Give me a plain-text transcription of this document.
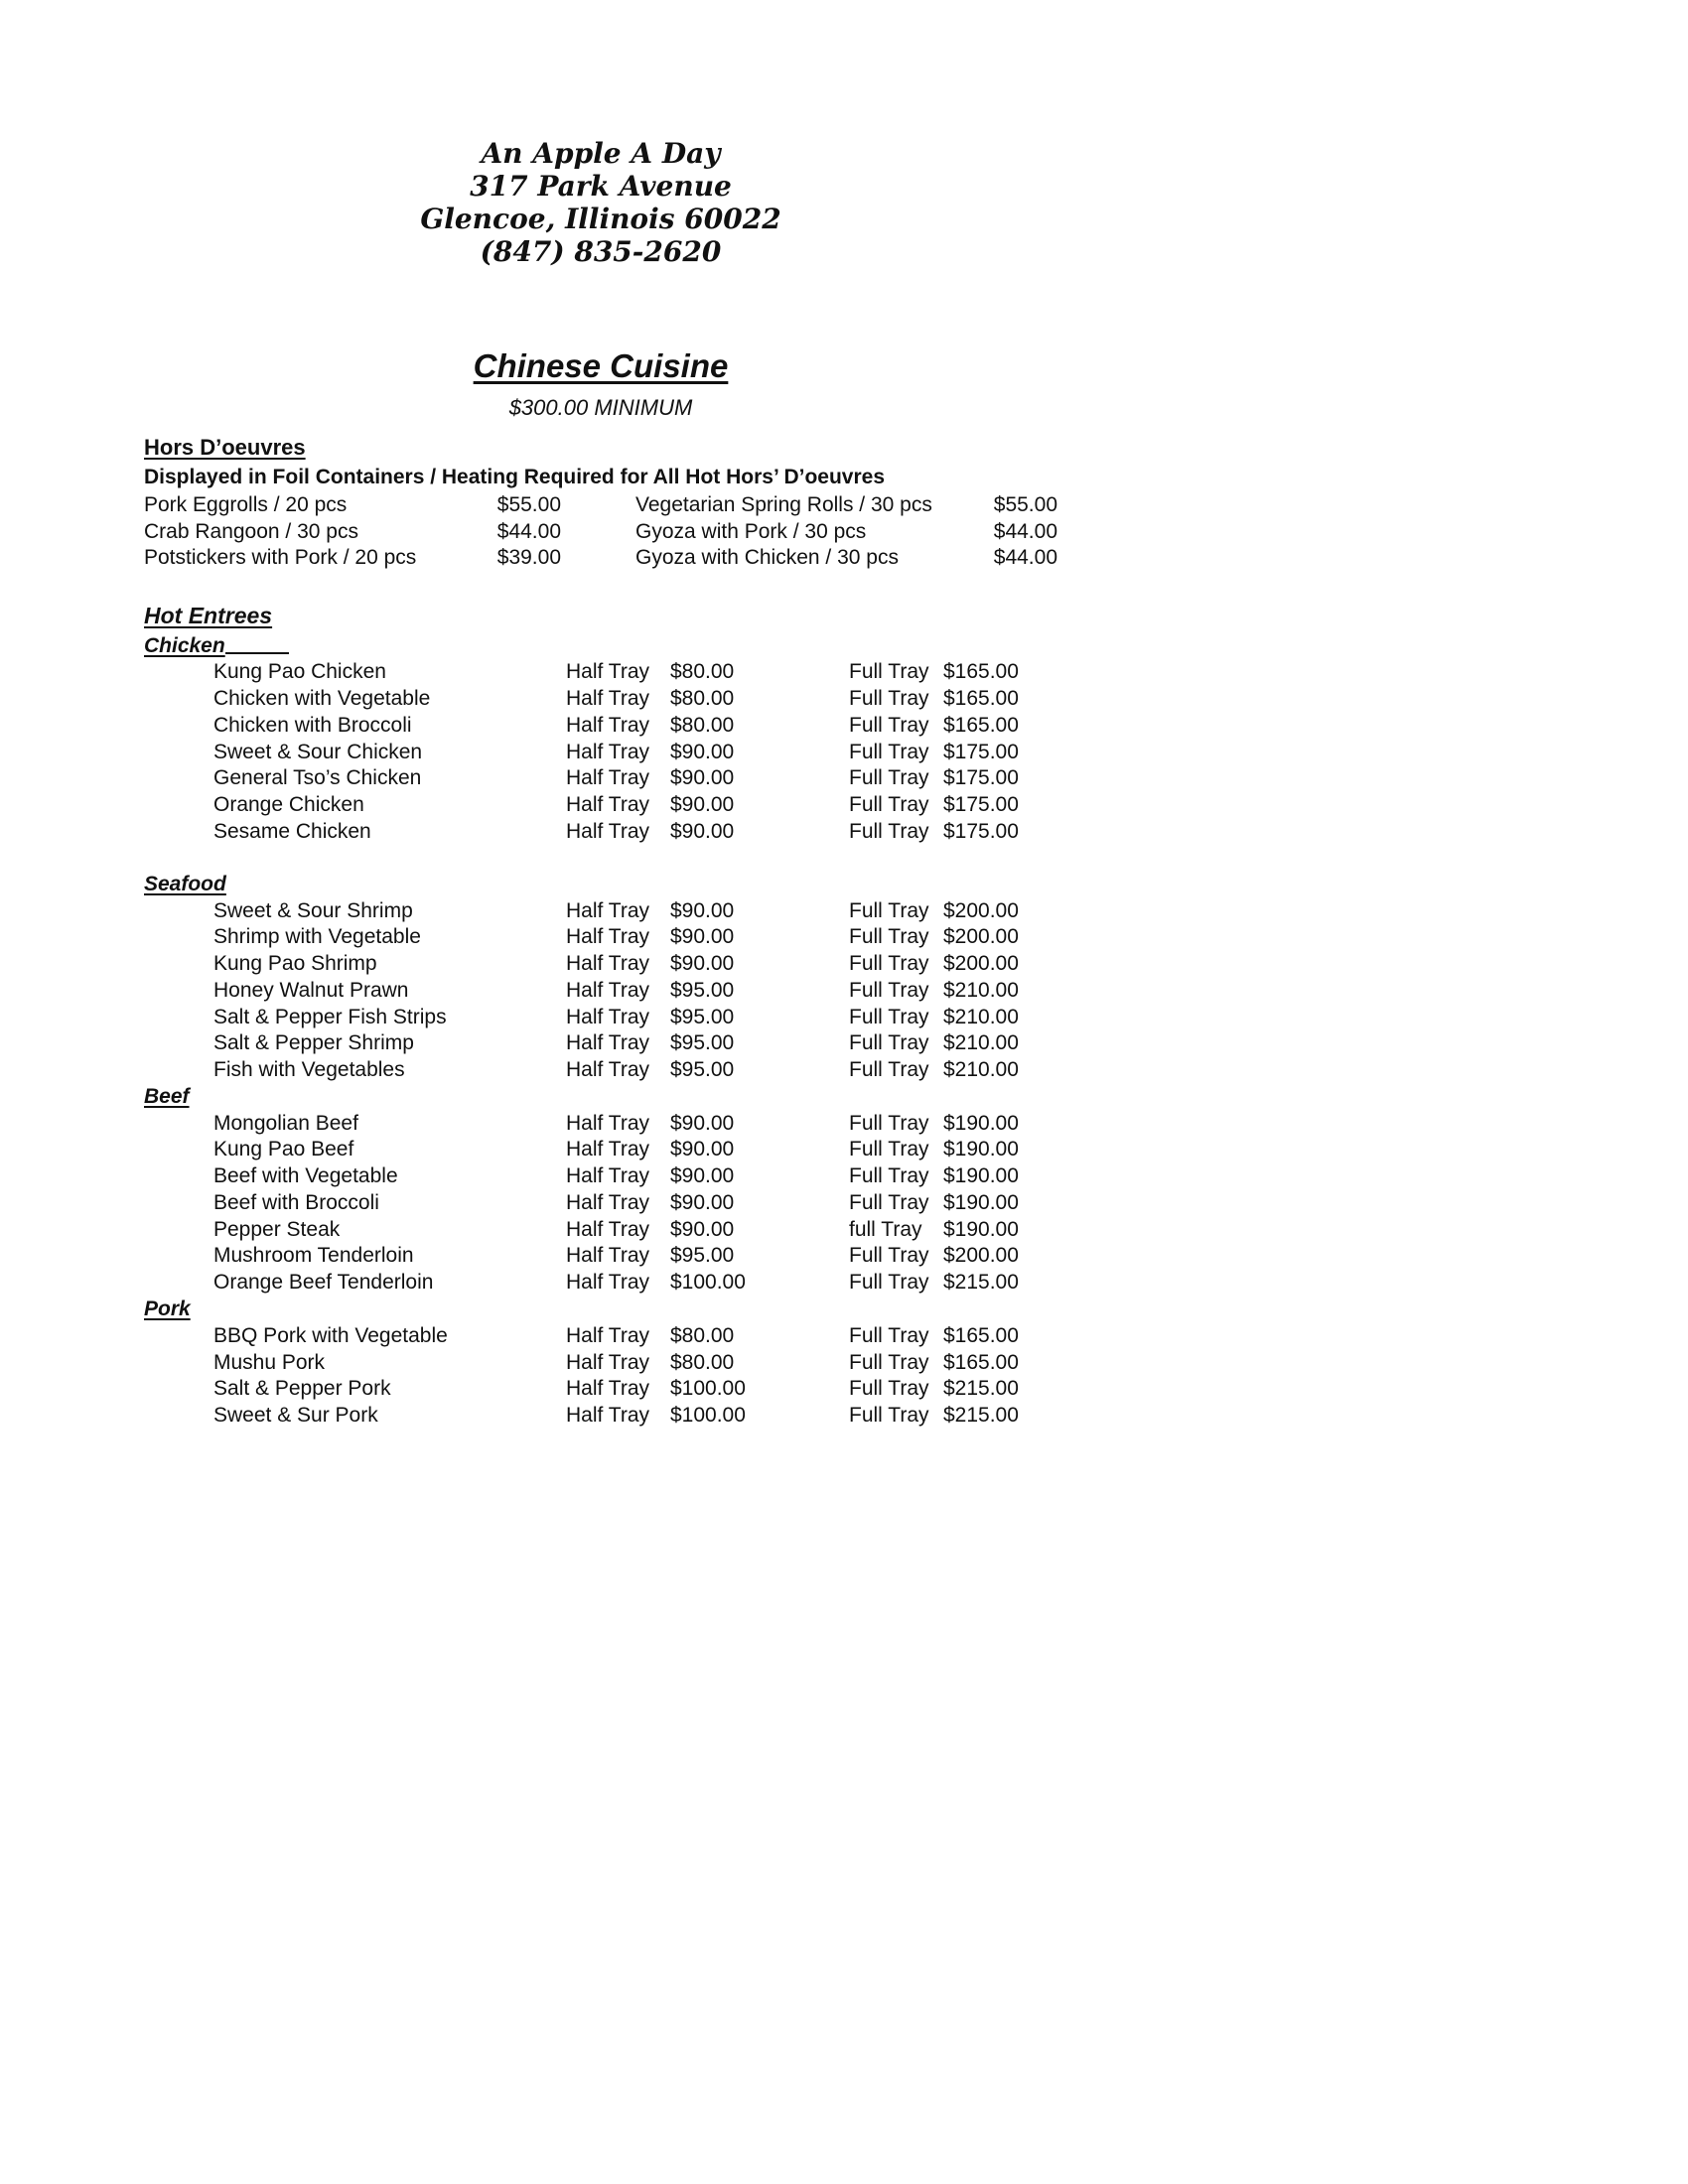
An Apple A Day
317 Park Avenue
Glencoe, Illinois 60022
(847) 835-2620
Chinese Cuisine
$300.00 MINIMUM
Hors D’oeuvres
Displayed in Foil Containers / Heating Required for All Hot Hors’ D’oeuvres
Pork Eggrolls / 20 pcs	$55.00	Vegetarian Spring Rolls / 30 pcs	$55.00
Crab Rangoon / 30 pcs	$44.00	Gyoza with Pork / 30 pcs	$44.00
Potstickers with Pork / 20 pcs	$39.00	Gyoza with Chicken / 30 pcs	$44.00
Hot Entrees
Chicken
Kung Pao Chicken	Half Tray $80.00	Full Tray $165.00
Chicken with Vegetable	Half Tray $80.00	Full Tray $165.00
Chicken with Broccoli	Half Tray $80.00	Full Tray $165.00
Sweet & Sour Chicken	Half Tray $90.00	Full Tray $175.00
General Tso’s Chicken	Half Tray $90.00	Full Tray $175.00
Orange Chicken	Half Tray $90.00	Full Tray $175.00
Sesame Chicken	Half Tray $90.00	Full Tray $175.00
Seafood
Sweet & Sour Shrimp	Half Tray $90.00	Full Tray $200.00
Shrimp with Vegetable	Half Tray $90.00	Full Tray $200.00
Kung Pao Shrimp	Half Tray $90.00	Full Tray $200.00
Honey Walnut Prawn	Half Tray $95.00	Full Tray $210.00
Salt & Pepper Fish Strips	Half Tray $95.00	Full Tray $210.00
Salt & Pepper Shrimp	Half Tray $95.00	Full Tray $210.00
Fish with Vegetables	Half Tray $95.00	Full Tray $210.00
Beef
Mongolian Beef	Half Tray $90.00	Full Tray $190.00
Kung Pao Beef	Half Tray $90.00	Full Tray $190.00
Beef with Vegetable	Half Tray $90.00	Full Tray $190.00
Beef with Broccoli	Half Tray $90.00	Full Tray $190.00
Pepper Steak	Half Tray $90.00	full Tray	$190.00
Mushroom Tenderloin	Half Tray $95.00	Full Tray $200.00
Orange Beef Tenderloin	Half Tray $100.00	Full Tray $215.00
Pork
BBQ Pork with Vegetable	Half Tray $80.00	Full Tray $165.00
Mushu Pork	Half Tray $80.00	Full Tray $165.00
Salt & Pepper Pork	Half Tray $100.00	Full Tray $215.00
Sweet & Sur Pork	Half Tray $100.00	Full Tray $215.00
